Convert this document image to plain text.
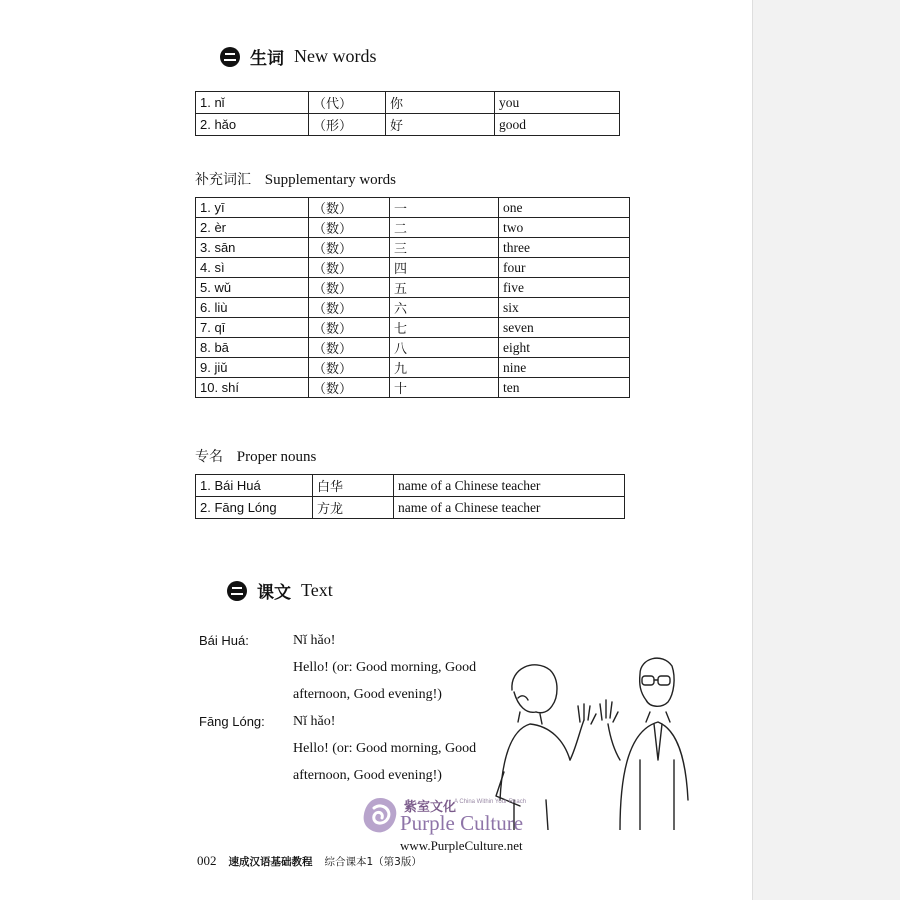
生词 New words
1. nǐ	（代）	你	you
2. hǎo	（形）	好	good
补充词汇 Supplementary words
1. yī	（数）	一	one
2. èr	（数）	二	two
3. sān	（数）	三	three
4. sì	（数）	四	four
5. wǔ	（数）	五	five
6. liù	（数）	六	six
7. qī	（数）	七	seven
8. bā	（数）	八	eight
9. jiǔ	（数）	九	nine
10. shí	（数）	十	ten
专名 Proper nouns
1. Bái Huá	白华	name of a Chinese teacher
2. Fāng Lóng	方龙	name of a Chinese teacher
课文 Text
Bái Huá:	Nǐ hǎo!
Hello! (or: Good morning, Good
afternoon, Good evening!)
Fāng Lóng:	Nǐ hǎo!
Hello! (or: Good morning, Good
afternoon, Good evening!)
紫室文化
A China Within Your Reach
Purple Culture
www.PurpleCulture.net
002 速成汉语基础教程 综合课本1（第3版）
